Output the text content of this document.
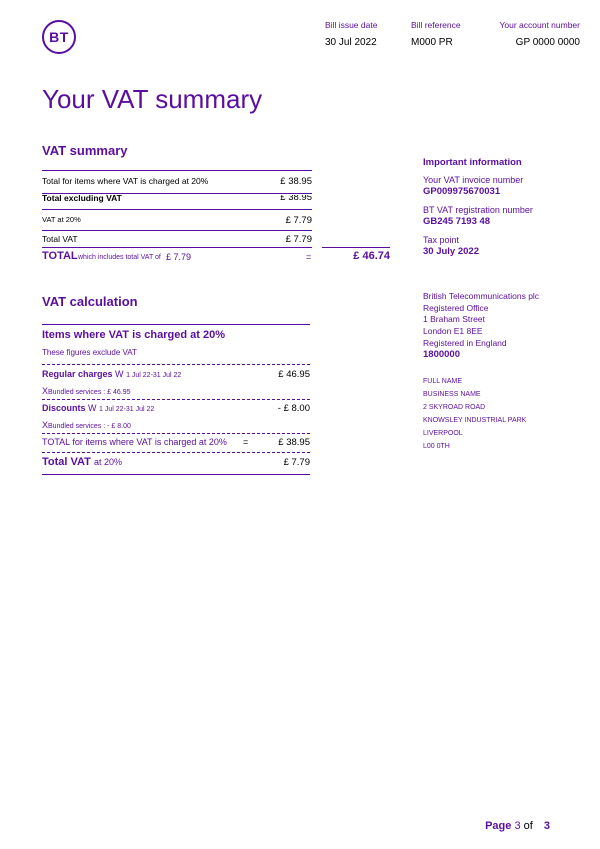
BT
Bill issue date
30 Jul 2022
Bill reference
M000 PR
Your account number
GP 0000 0000
Your VAT summary
VAT summary
Total for items where VAT is charged at 20%	£ 38.95
Total excluding VAT	£ 38.95
VAT at 20%	£ 7.79
Total VAT	£ 7.79
TOTAL which includes total VAT of £ 7.79	=	£ 46.74
VAT calculation
Items where VAT is charged at 20%
These figures exclude VAT
Regular charges W 1 Jul 22-31 Jul 22	£ 46.95
XBundled services : £ 46.95
Discounts W 1 Jul 22-31 Jul 22	- £ 8.00
XBundled services : - £ 8.00
TOTAL for items where VAT is charged at 20% =	£ 38.95
Total VAT at 20%	£ 7.79
Important information
Your VAT invoice number
GP009975670031
BT VAT registration number
GB245 7193 48
Tax point
30 July 2022
British Telecommunications plc
Registered Office
1 Braham Street
London E1 8EE
Registered in England
1800000
FULL NAME
BUSINESS NAME
2 SKYROAD ROAD
KNOWSLEY INDUSTRIAL PARK
LIVERPOOL
L00 0TH
Page 3 of 3
